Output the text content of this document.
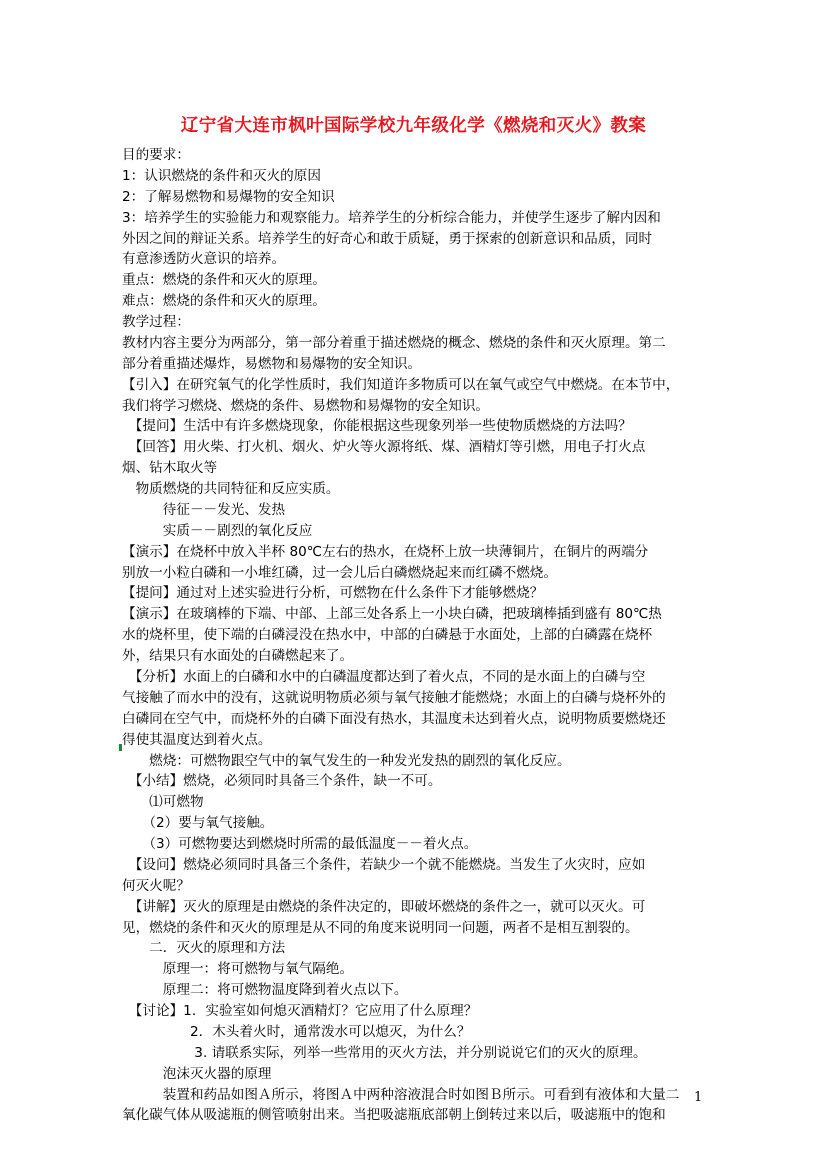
辽宁省大连市枫叶国际学校九年级化学《燃烧和灭火》教案
目的要求：
1：认识燃烧的条件和灭火的原因
2：了解易燃物和易爆物的安全知识
3：培养学生的实验能力和观察能力。培养学生的分析综合能力，并使学生逐步了解内因和
外因之间的辩证关系。培养学生的好奇心和敢于质疑，勇于探索的创新意识和品质，同时
有意渗透防火意识的培养。
重点：燃烧的条件和灭火的原理。
难点：燃烧的条件和灭火的原理。
教学过程：
教材内容主要分为两部分，第一部分着重于描述燃烧的概念、燃烧的条件和灭火原理。第二
部分着重描述爆炸，易燃物和易爆物的安全知识。
【引入】在研究氧气的化学性质时，我们知道许多物质可以在氧气或空气中燃烧。在本节中，
我们将学习燃烧、燃烧的条件、易燃物和易爆物的安全知识。
　【提问】生活中有许多燃烧现象，你能根据这些现象列举一些使物质燃烧的方法吗？
　【回答】用火柴、打火机、烟火、炉火等火源将纸、煤、酒精灯等引燃，用电子打火点
烟、钻木取火等
　物质燃烧的共同特征和反应实质。
　　　待征－－发光、发热
　　　实质－－剧烈的氧化反应
【演示】在烧杯中放入半杯 80℃左右的热水，在烧杯上放一块薄铜片，在铜片的两端分
别放一小粒白磷和一小堆红磷，过一会儿后白磷燃烧起来而红磷不燃烧。
【提问】通过对上述实验进行分析，可燃物在什么条件下才能够燃烧？
【演示】在玻璃棒的下端、中部、上部三处各系上一小块白磷，把玻璃棒插到盛有 80℃热
水的烧杯里，使下端的白磷浸没在热水中，中部的白磷悬于水面处，上部的白磷露在烧杯
外，结果只有水面处的白磷燃起来了。
　【分析】水面上的白磷和水中的白磷温度都达到了着火点，不同的是水面上的白磷与空
气接触了而水中的没有，这就说明物质必须与氧气接触才能燃烧；水面上的白磷与烧杯外的
白磷同在空气中，而烧杯外的白磷下面没有热水，其温度未达到着火点，说明物质要燃烧还
得使其温度达到着火点。
　　燃烧：可燃物跟空气中的氧气发生的一种发光发热的剧烈的氧化反应。
　【小结】燃烧，必须同时具备三个条件，缺一不可。
　　⑴可燃物
　　（2）要与氧气接触。
　　（3）可燃物要达到燃烧时所需的最低温度－－着火点。
　【设问】燃烧必须同时具备三个条件，若缺少一个就不能燃烧。当发生了火灾时，应如
何灭火呢？
　【讲解】灭火的原理是由燃烧的条件决定的，即破坏燃烧的条件之一，就可以灭火。可
见，燃烧的条件和灭火的原理是从不同的角度来说明同一问题，两者不是相互割裂的。
　　二．灭火的原理和方法
　　　原理一：将可燃物与氧气隔绝。
　　　原理二：将可燃物温度降到着火点以下。
　【讨论】1．实验室如何熄灭酒精灯？它应用了什么原理？
　　　　　2．木头着火时，通常泼水可以熄灭，为什么？
　　　　　 3. 请联系实际，列举一些常用的灭火方法，并分别说说它们的灭火的原理。
　　　泡沫灭火器的原理
　　　装置和药品如图Ａ所示，将图Ａ中两种溶液混合时如图Ｂ所示。可看到有液体和大量二
氧化碳气体从吸滤瓶的侧管喷射出来。当把吸滤瓶底部朝上倒转过来以后，吸滤瓶中的饱和
1
